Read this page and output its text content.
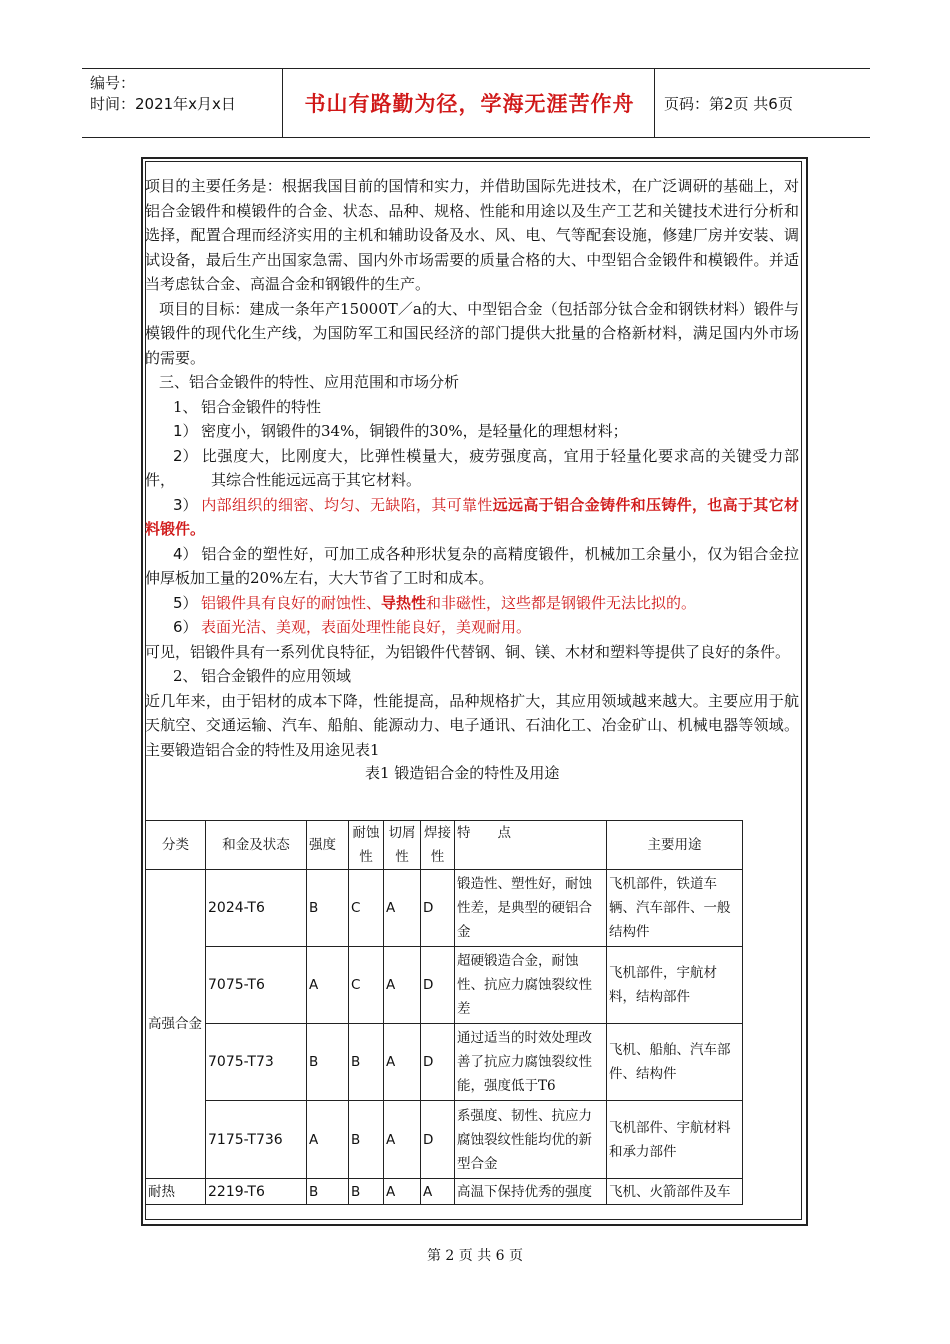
编号：
时间：2021年x月x日	书山有路勤为径，学海无涯苦作舟	页码：第2页 共6页

项目的主要任务是：根据我国目前的国情和实力，并借助国际先进技术，在广泛调研的基础上，对铝合金锻件和模锻件的合金、状态、品种、规格、性能和用途以及生产工艺和关键技术进行分析和选择，配置合理而经济实用的主机和辅助设备及水、风、电、气等配套设施，修建厂房并安装、调试设备，最后生产出国家急需、国内外市场需要的质量合格的大、中型铝合金锻件和模锻件。并适当考虑钛合金、高温合金和钢锻件的生产。

项目的目标：建成一条年产15000T／a的大、中型铝合金（包括部分钛合金和钢铁材料）锻件与模锻件的现代化生产线，为国防军工和国民经济的部门提供大批量的合格新材料，满足国内外市场的需要。

三、铝合金锻件的特性、应用范围和市场分析

1、 铝合金锻件的特性

1） 密度小，钢锻件的34%，铜锻件的30%，是轻量化的理想材料；

2） 比强度大，比刚度大，比弹性模量大，疲劳强度高，宜用于轻量化要求高的关键受力部件， 其综合性能远远高于其它材料。

3） 内部组织的细密、均匀、无缺陷，其可靠性远远高于铝合金铸件和压铸件，也高于其它材料锻件。

4） 铝合金的塑性好，可加工成各种形状复杂的高精度锻件，机械加工余量小，仅为铝合金拉伸厚板加工量的20%左右，大大节省了工时和成本。

5） 铝锻件具有良好的耐蚀性、导热性和非磁性，这些都是钢锻件无法比拟的。

6） 表面光洁、美观，表面处理性能良好，美观耐用。

可见，铝锻件具有一系列优良特征，为铝锻件代替钢、铜、镁、木材和塑料等提供了良好的条件。

2、 铝合金锻件的应用领域

近几年来，由于铝材的成本下降，性能提高，品种规格扩大，其应用领域越来越大。主要应用于航天航空、交通运输、汽车、船舶、能源动力、电子通讯、石油化工、冶金矿山、机械电器等领域。主要锻造铝合金的特性及用途见表1

表1 锻造铝合金的特性及用途

分类	和金及状态	强度	耐蚀性	切屑性	焊接性	特　　点	主要用途
高强合金	2024-T6	B	C	A	D	锻造性、塑性好，耐蚀性差，是典型的硬铝合金	飞机部件，铁道车辆、汽车部件、一般结构件
	7075-T6	A	C	A	D	超硬锻造合金，耐蚀性、抗应力腐蚀裂纹性差	飞机部件，宇航材料，结构部件
	7075-T73	B	B	A	D	通过适当的时效处理改善了抗应力腐蚀裂纹性能，强度低于T6	飞机、船舶、汽车部件、结构件
	7175-T736	A	B	A	D	系强度、韧性、抗应力腐蚀裂纹性能均优的新型合金	飞机部件、宇航材料和承力部件
耐热	2219-T6	B	B	A	A	高温下保持优秀的强度	飞机、火箭部件及车
第 2 页 共 6 页
